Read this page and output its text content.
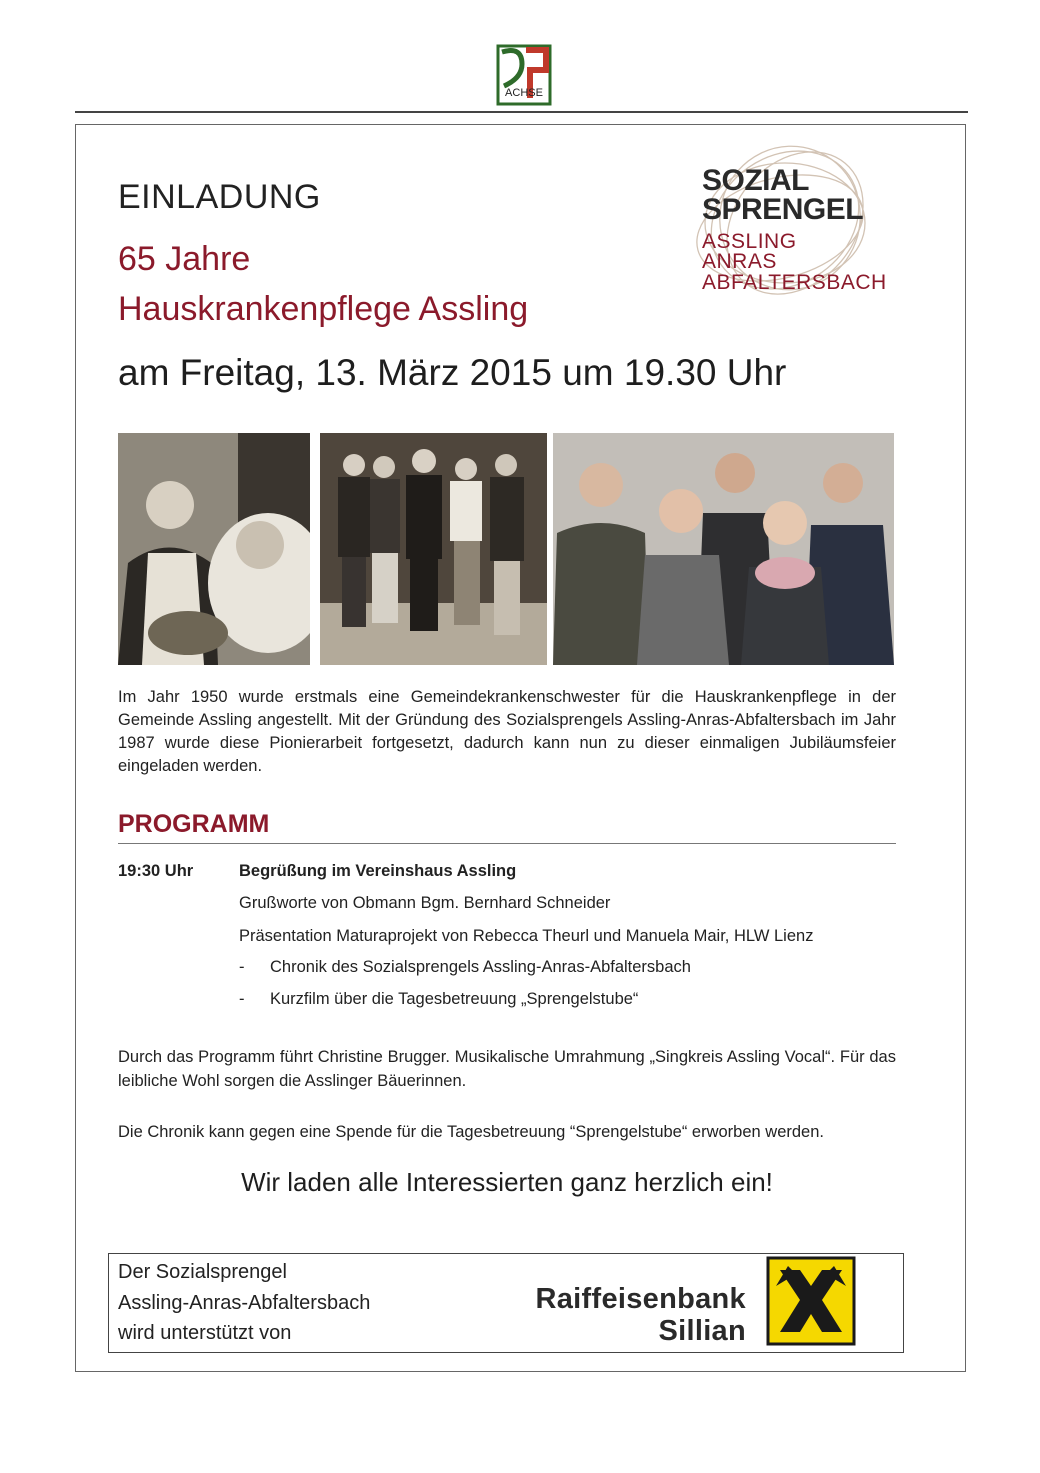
ACHSE
EINLADUNG
65 Jahre
Hauskrankenpflege Assling
am Freitag, 13. März 2015 um 19.30 Uhr
SOZIAL
SPRENGEL
ASSLING
ANRAS
ABFALTERSBACH
Im Jahr 1950 wurde erstmals eine Gemeindekrankenschwester für die Hauskrankenpflege in der Gemeinde Assling angestellt. Mit der Gründung des Sozialsprengels Assling-Anras-Abfaltersbach im Jahr 1987 wurde diese Pionierarbeit fortgesetzt, dadurch kann nun zu dieser einmaligen Jubiläumsfeier eingeladen werden.
PROGRAMM
19:30 Uhr	Begrüßung im Vereinshaus Assling
Grußworte von Obmann Bgm. Bernhard Schneider
Präsentation Maturaprojekt von Rebecca Theurl und Manuela Mair, HLW Lienz
- Chronik des Sozialsprengels Assling-Anras-Abfaltersbach
- Kurzfilm über die Tagesbetreuung „Sprengelstube“
Durch das Programm führt Christine Brugger. Musikalische Umrahmung „Singkreis Assling Vocal“. Für das leibliche Wohl sorgen die Asslinger Bäuerinnen.
Die Chronik kann gegen eine Spende für die Tagesbetreuung “Sprengelstube“ erworben werden.
Wir laden alle Interessierten ganz herzlich ein!
Der Sozialsprengel
Assling-Anras-Abfaltersbach
wird unterstützt von
Raiffeisenbank
Sillian
